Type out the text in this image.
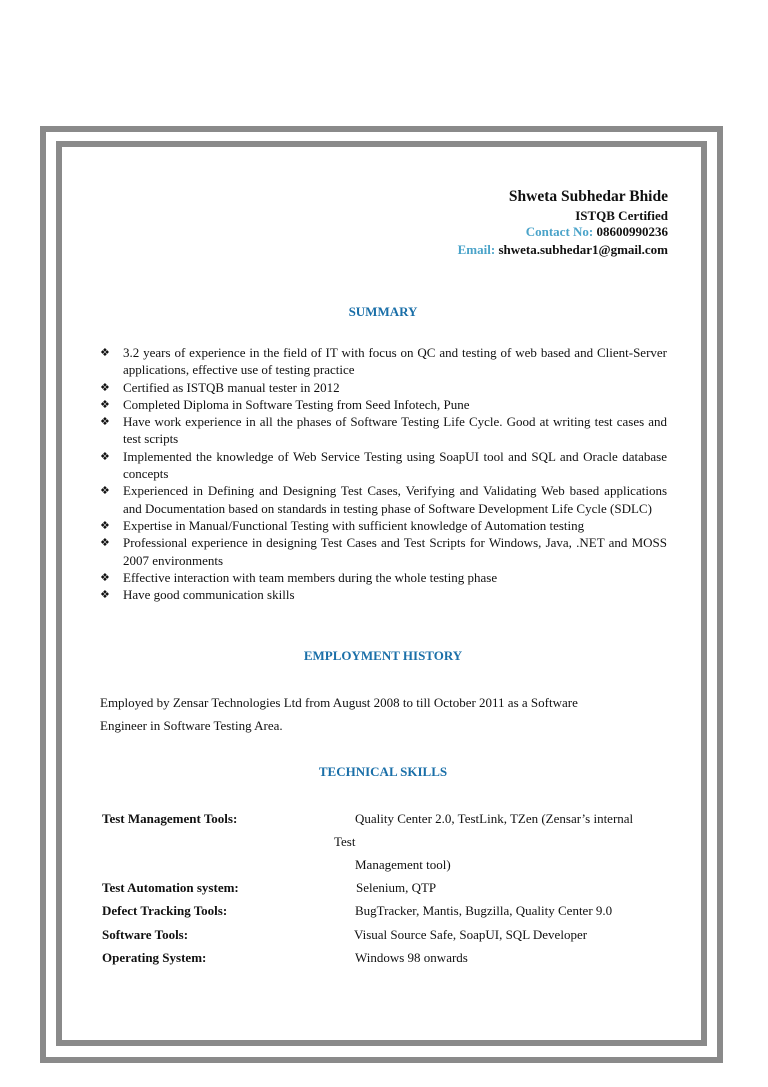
Shweta Subhedar Bhide
ISTQB Certified
Contact No: 08600990236
Email: shweta.subhedar1@gmail.com
SUMMARY
❖ 3.2 years of experience in the field of IT with focus on QC and testing of web based and Client-Server applications, effective use of testing practice
❖ Certified as ISTQB manual tester in 2012
❖ Completed Diploma in Software Testing from Seed Infotech, Pune
❖ Have work experience in all the phases of Software Testing Life Cycle. Good at writing test cases and test scripts
❖ Implemented the knowledge of Web Service Testing using SoapUI tool and SQL and Oracle database concepts
❖ Experienced in Defining and Designing Test Cases, Verifying and Validating Web based applications and Documentation based on standards in testing phase of Software Development Life Cycle (SDLC)
❖ Expertise in Manual/Functional Testing with sufficient knowledge of Automation testing
❖ Professional experience in designing Test Cases and Test Scripts for Windows, Java, .NET and MOSS 2007 environments
❖ Effective interaction with team members during the whole testing phase
❖ Have good communication skills
EMPLOYMENT HISTORY
Employed by Zensar Technologies Ltd from August 2008 to till October 2011 as a Software
Engineer in Software Testing Area.
TECHNICAL SKILLS
Test Management Tools:	Quality Center 2.0, TestLink, TZen (Zensar’s internal
Test
Management tool)
Test Automation system:	Selenium, QTP
Defect Tracking Tools:	BugTracker, Mantis, Bugzilla, Quality Center 9.0
Software Tools:	Visual Source Safe, SoapUI, SQL Developer
Operating System:	Windows 98 onwards
